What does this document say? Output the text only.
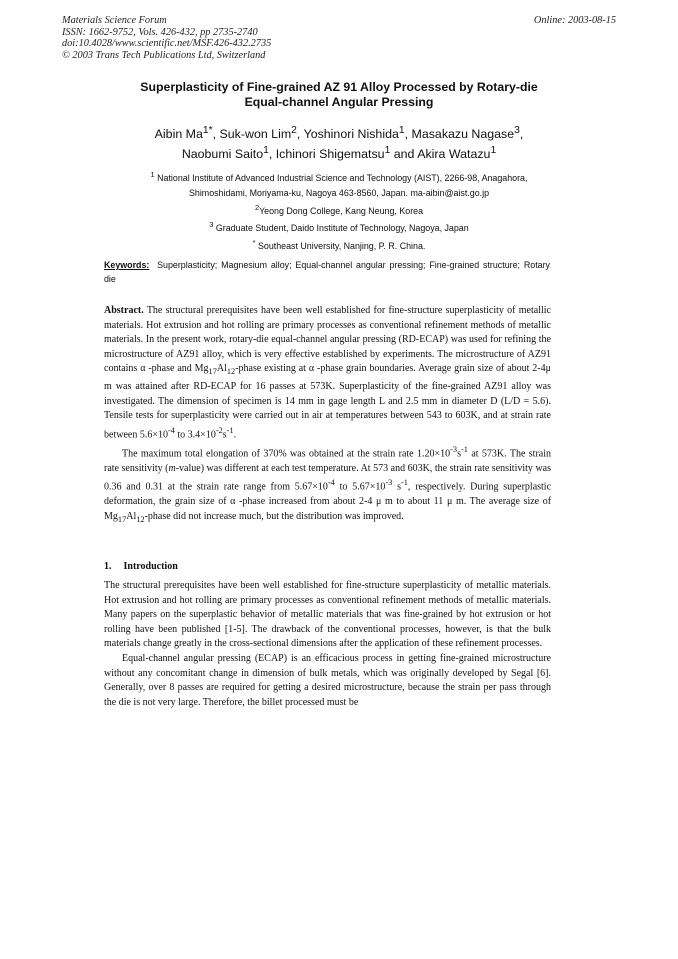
Materials Science Forum
ISSN: 1662-9752, Vols. 426-432, pp 2735-2740
doi:10.4028/www.scientific.net/MSF.426-432.2735
© 2003 Trans Tech Publications Ltd, Switzerland
Online: 2003-08-15
Superplasticity of Fine-grained AZ 91 Alloy Processed by Rotary-die
Equal-channel Angular Pressing
Aibin $Ma^{1*}$, Suk-won Lim$^2$, Yoshinori Nishida$^1$, Masakazu Nagase$^3$,
Naobumi Saito$^1$, Ichinori Shigematsu$^1$ and Akira Watazu$^1$
$^1$ National Institute of Advanced Industrial Science and Technology (AIST), 2266-98, Anagahora,
Shimoshidami, Moriyama-ku, Nagoya 463-8560, Japan. ma-aibin@aist.go.jp
$^2$Yeong Dong College, Kang Neung, Korea
$^3$ Graduate Student, Daido Institute of Technology, Nagoya, Japan
* Southeast University, Nanjing, P. R. China.
Keywords: Superplasticity; Magnesium alloy; Equal-channel angular pressing; Fine-grained structure; Rotary die

Abstract. The structural prerequisites have been well established for fine-structure superplasticity of metallic materials. Hot extrusion and hot rolling are primary processes as conventional refinement methods of metallic materials. In the present work, rotary-die equal-channel angular pressing (RD-ECAP) was used for refining the microstructure of AZ91 alloy, which is very effective established by experiments. The microstructure of AZ91 contains α -phase and $Mg_{17}Al_{12}$-phase existing at α -phase grain boundaries. Average grain size of about 2-4μ m was attained after RD-ECAP for 16 passes at 573K. Superplasticity of the fine-grained AZ91 alloy was investigated. The dimension of specimen is 14 mm in gage length L and 2.5 mm in diameter D (L/D = 5.6). Tensile tests for superplasticity were carried out in air at temperatures between 543 to 603K, and at strain rate between $5.6\times 10^{-4}$ to $3.4\times 10^{-2}s^{-1}$.

The maximum total elongation of 370% was obtained at the strain rate $1.20\times 10^{-3}s^{-1}$ at 573K. The strain rate sensitivity (m-value) was different at each test temperature. At 573 and 603K, the strain rate sensitivity was 0.36 and 0.31 at the strain rate range from $5.67\times 10^{-4}$ to $5.67\times 10^{-3}$ $s^{-1}$, respectively. During superplastic deformation, the grain size of α -phase increased from about 2-4 μ m to about 11 μ m. The average size of $Mg_{17}Al_{12}$-phase did not increase much, but the distribution was improved.

1. Introduction

The structural prerequisites have been well established for fine-structure superplasticity of metallic materials. Hot extrusion and hot rolling are primary processes as conventional refinement methods of metallic materials. Many papers on the superplastic behavior of metallic materials that was fine-grained by hot extrusion or hot rolling have been published [1-5]. The drawback of the conventional processes, however, is that the bulk materials change greatly in the cross-sectional dimensions after the application of these refinement processes.

Equal-channel angular pressing (ECAP) is an efficacious process in getting fine-grained microstructure without any concomitant change in dimension of bulk metals, which was originally developed by Segal [6]. Generally, over 8 passes are required for getting a desired microstructure, because the strain per pass through the die is not very large. Therefore, the billet processed must be
